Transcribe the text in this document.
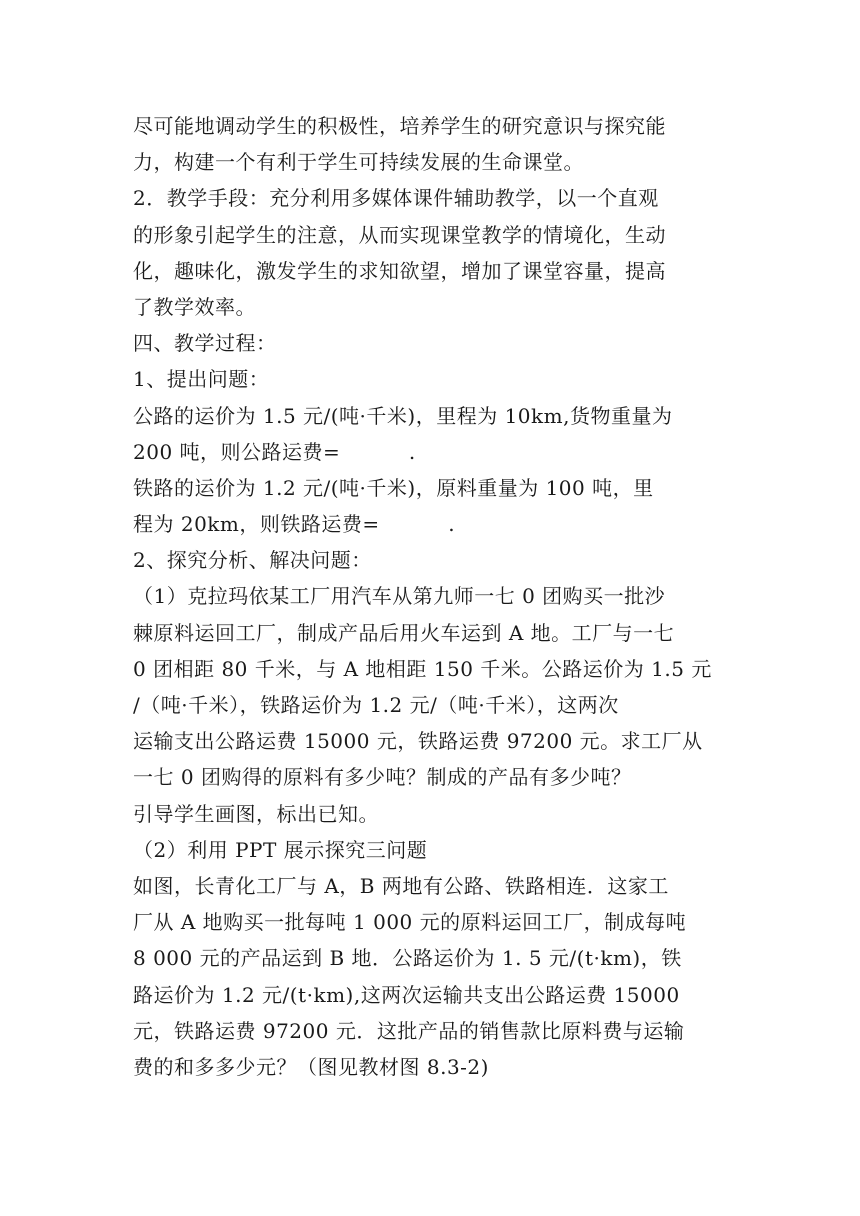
尽可能地调动学生的积极性，培养学生的研究意识与探究能
力，构建一个有利于学生可持续发展的生命课堂。
2．教学手段：充分利用多媒体课件辅助教学，以一个直观
的形象引起学生的注意，从而实现课堂教学的情境化，生动
化，趣味化，激发学生的求知欲望，增加了课堂容量，提高
了教学效率。
四、教学过程：
1、提出问题：
公路的运价为 1.5 元/(吨·千米)，里程为 10km,货物重量为
200 吨，则公路运费=          .
铁路的运价为 1.2 元/(吨·千米)，原料重量为 100 吨，里
程为 20km，则铁路运费=          .
2、探究分析、解决问题：
（1）克拉玛依某工厂用汽车从第九师一七 0 团购买一批沙
棘原料运回工厂，制成产品后用火车运到 A 地。工厂与一七
0 团相距 80 千米，与 A 地相距 150 千米。公路运价为 1.5 元
/（吨·千米），铁路运价为 1.2 元/（吨·千米），这两次
运输支出公路运费 15000 元，铁路运费 97200 元。求工厂从
一七 0 团购得的原料有多少吨？制成的产品有多少吨？
引导学生画图，标出已知。
（2）利用 PPT 展示探究三问题
如图，长青化工厂与 A，B 两地有公路、铁路相连．这家工
厂从 A 地购买一批每吨 1 000 元的原料运回工厂，制成每吨
8 000 元的产品运到 B 地．公路运价为 1. 5 元/(t·km)，铁
路运价为 1.2 元/(t·km),这两次运输共支出公路运费 15000
元，铁路运费 97200 元．这批产品的销售款比原料费与运输
费的和多多少元？（图见教材图 8.3-2)
